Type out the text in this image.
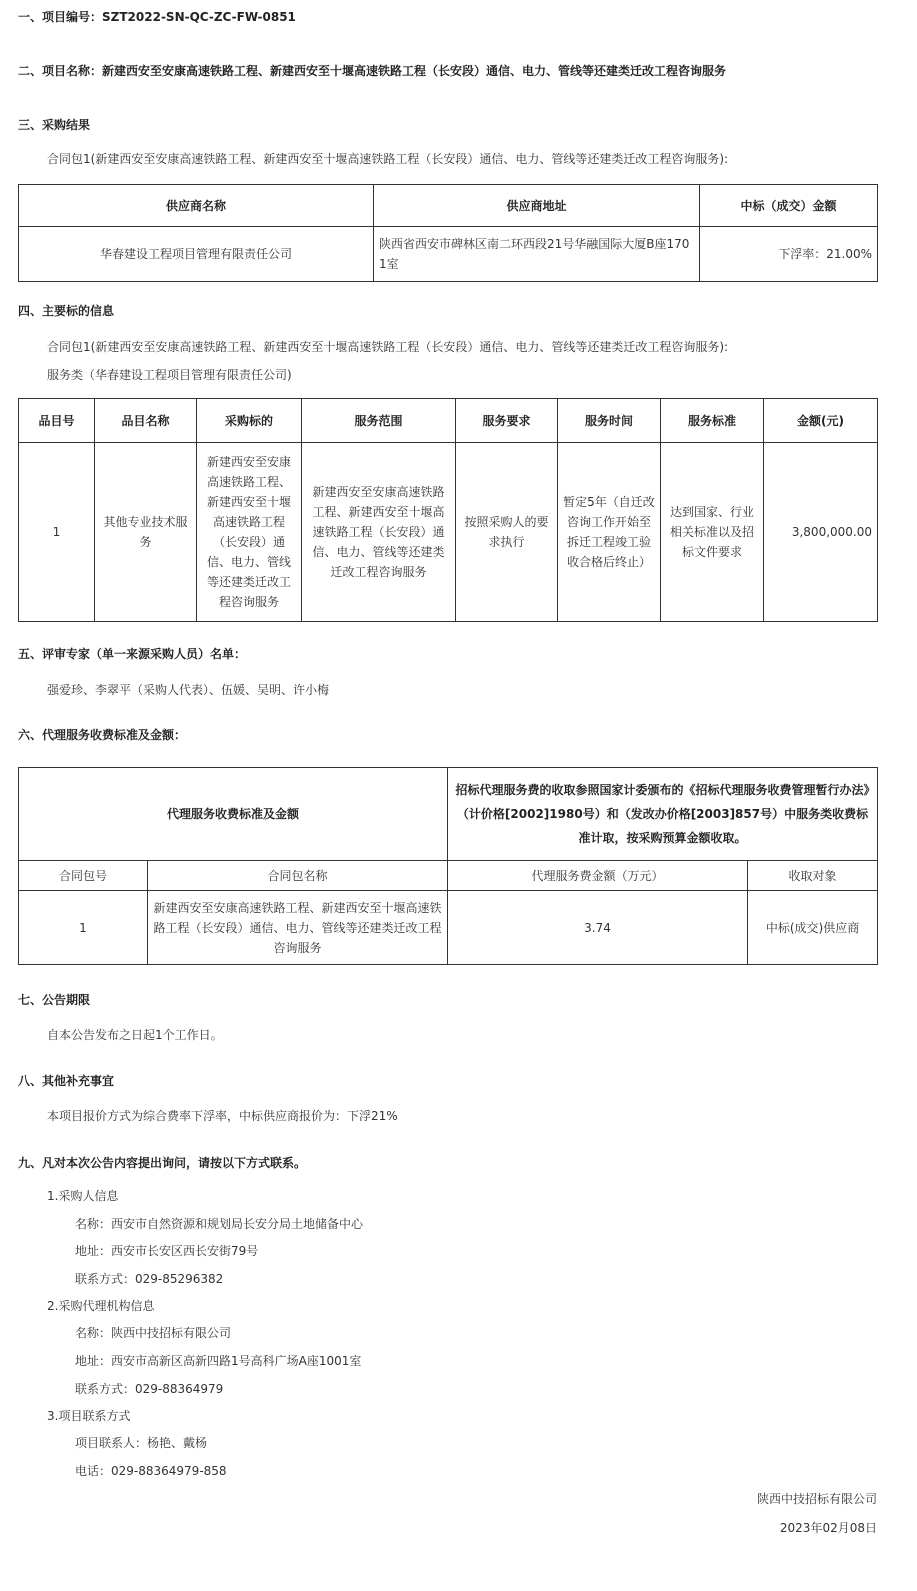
一、项目编号：SZT2022-SN-QC-ZC-FW-0851
二、项目名称：新建西安至安康高速铁路工程、新建西安至十堰高速铁路工程（长安段）通信、电力、管线等还建类迁改工程咨询服务
三、采购结果
合同包1(新建西安至安康高速铁路工程、新建西安至十堰高速铁路工程（长安段）通信、电力、管线等还建类迁改工程咨询服务):
供应商名称	供应商地址	中标（成交）金额
华春建设工程项目管理有限责任公司	陕西省西安市碑林区南二环西段21号华融国际大厦B座1701室	下浮率：21.00%
四、主要标的信息
合同包1(新建西安至安康高速铁路工程、新建西安至十堰高速铁路工程（长安段）通信、电力、管线等还建类迁改工程咨询服务):
服务类（华春建设工程项目管理有限责任公司)
品目号	品目名称	采购标的	服务范围	服务要求	服务时间	服务标准	金额(元)
1	其他专业技术服务	新建西安至安康高速铁路工程、新建西安至十堰高速铁路工程（长安段）通信、电力、管线等还建类迁改工程咨询服务	新建西安至安康高速铁路工程、新建西安至十堰高速铁路工程（长安段）通信、电力、管线等还建类迁改工程咨询服务	按照采购人的要求执行	暂定5年（自迁改咨询工作开始至拆迁工程竣工验收合格后终止）	达到国家、行业相关标准以及招标文件要求	3,800,000.00
五、评审专家（单一来源采购人员）名单：
强爱珍、李翠平（采购人代表）、伍媛、吴明、许小梅
六、代理服务收费标准及金额：
代理服务收费标准及金额		招标代理服务费的收取参照国家计委颁布的《招标代理服务收费管理暂行办法》（计价格[2002]1980号）和（发改办价格[2003]857号）中服务类收费标准计取，按采购预算金额收取。	
合同包号	合同包名称	代理服务费金额（万元）	收取对象
1	新建西安至安康高速铁路工程、新建西安至十堰高速铁路工程（长安段）通信、电力、管线等还建类迁改工程咨询服务	3.74	中标(成交)供应商
七、公告期限
自本公告发布之日起1个工作日。
八、其他补充事宜
本项目报价方式为综合费率下浮率，中标供应商报价为：下浮21%
九、凡对本次公告内容提出询问，请按以下方式联系。
1.采购人信息
名称：西安市自然资源和规划局长安分局土地储备中心
地址：西安市长安区西长安街79号
联系方式：029-85296382
2.采购代理机构信息
名称：陕西中技招标有限公司
地址：西安市高新区高新四路1号高科广场A座1001室
联系方式：029-88364979
3.项目联系方式
项目联系人：杨艳、戴杨
电话：029-88364979-858
陕西中技招标有限公司
2023年02月08日
